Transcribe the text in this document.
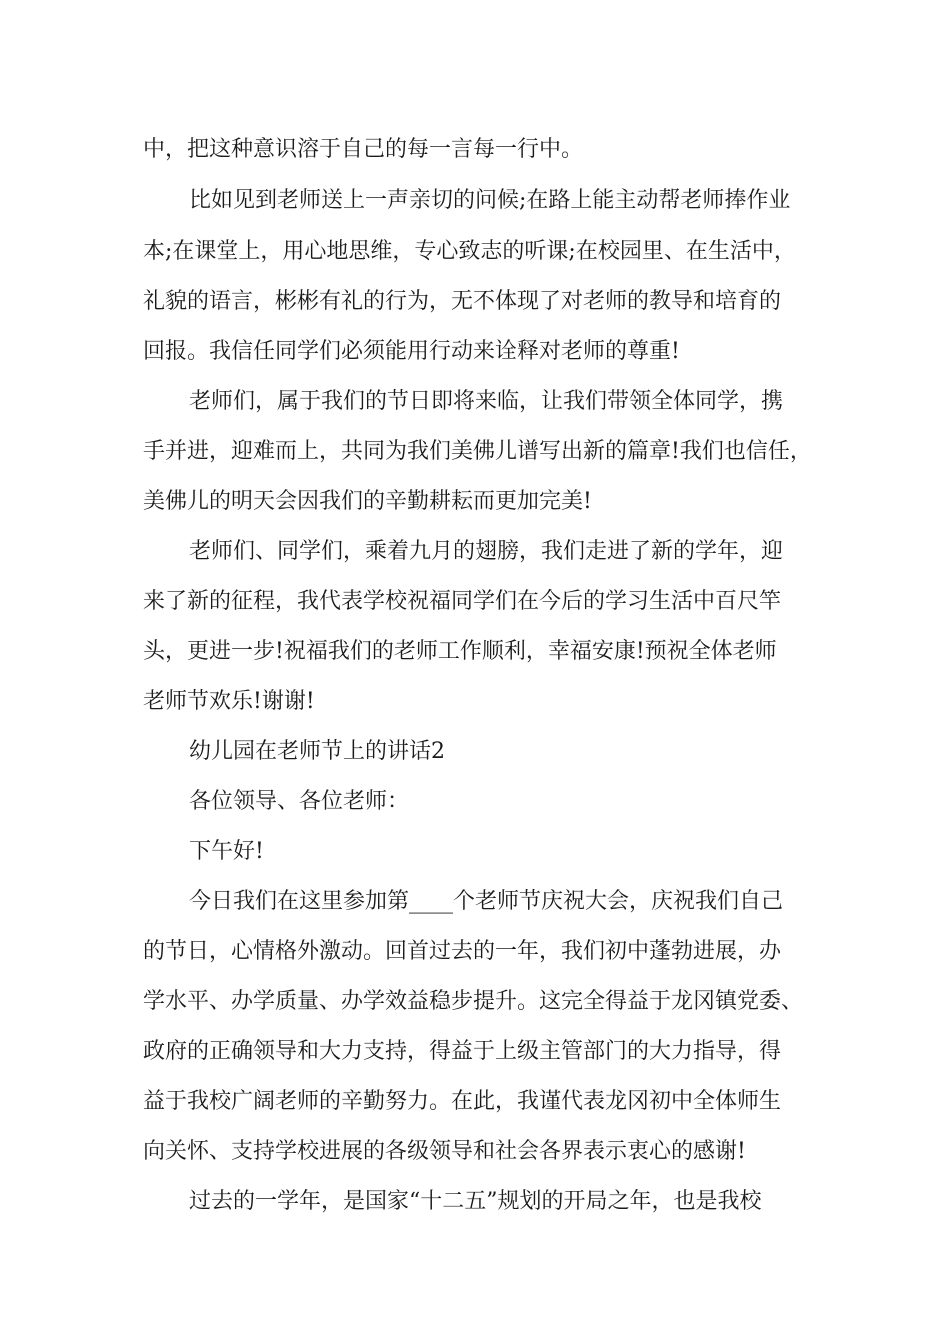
中，把这种意识溶于自己的每一言每一行中。

比如见到老师送上一声亲切的问候;在路上能主动帮老师捧作业

本;在课堂上，用心地思维，专心致志的听课;在校园里、在生活中，

礼貌的语言，彬彬有礼的行为，无不体现了对老师的教导和培育的

回报。我信任同学们必须能用行动来诠释对老师的尊重!

老师们，属于我们的节日即将来临，让我们带领全体同学，携

手并进，迎难而上，共同为我们美佛儿谱写出新的篇章!我们也信任，

美佛儿的明天会因我们的辛勤耕耘而更加完美!

老师们、同学们，乘着九月的翅膀，我们走进了新的学年，迎

来了新的征程，我代表学校祝福同学们在今后的学习生活中百尺竿

头，更进一步!祝福我们的老师工作顺利，幸福安康!预祝全体老师

老师节欢乐!谢谢!

幼儿园在老师节上的讲话2

各位领导、各位老师：

下午好!

今日我们在这里参加第____个老师节庆祝大会，庆祝我们自己

的节日，心情格外激动。回首过去的一年，我们初中蓬勃进展，办

学水平、办学质量、办学效益稳步提升。这完全得益于龙冈镇党委、

政府的正确领导和大力支持，得益于上级主管部门的大力指导，得

益于我校广阔老师的辛勤努力。在此，我谨代表龙冈初中全体师生

向关怀、支持学校进展的各级领导和社会各界表示衷心的感谢!

过去的一学年，是国家“十二五”规划的开局之年，也是我校
